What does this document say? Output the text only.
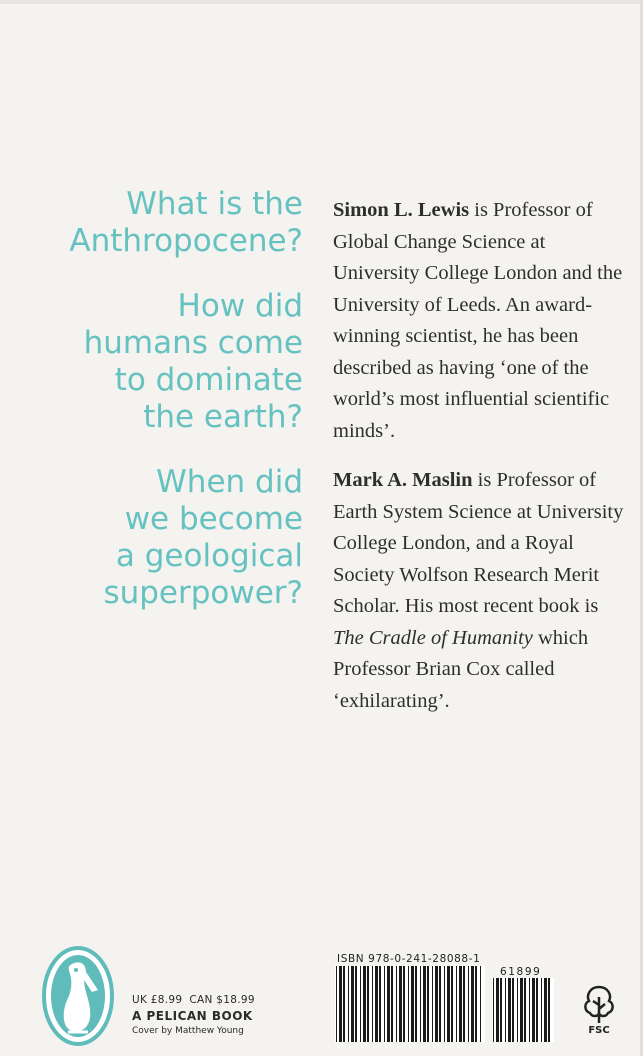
What is the
Anthropocene?

How did
humans come
to dominate
the earth?

When did
we become
a geological
superpower?

Simon L. Lewis is Professor of Global Change Science at University College London and the University of Leeds. An award-winning scientist, he has been described as having ‘one of the world’s most influential scientific minds’.

Mark A. Maslin is Professor of Earth System Science at University College London, and a Royal Society Wolfson Research Merit Scholar. His most recent book is The Cradle of Humanity which Professor Brian Cox called ‘exhilarating’.

UK £8.99 CAN $18.99
A PELICAN BOOK
Cover by Matthew Young
ISBN 978-0-241-28088-1
61899
FSC
